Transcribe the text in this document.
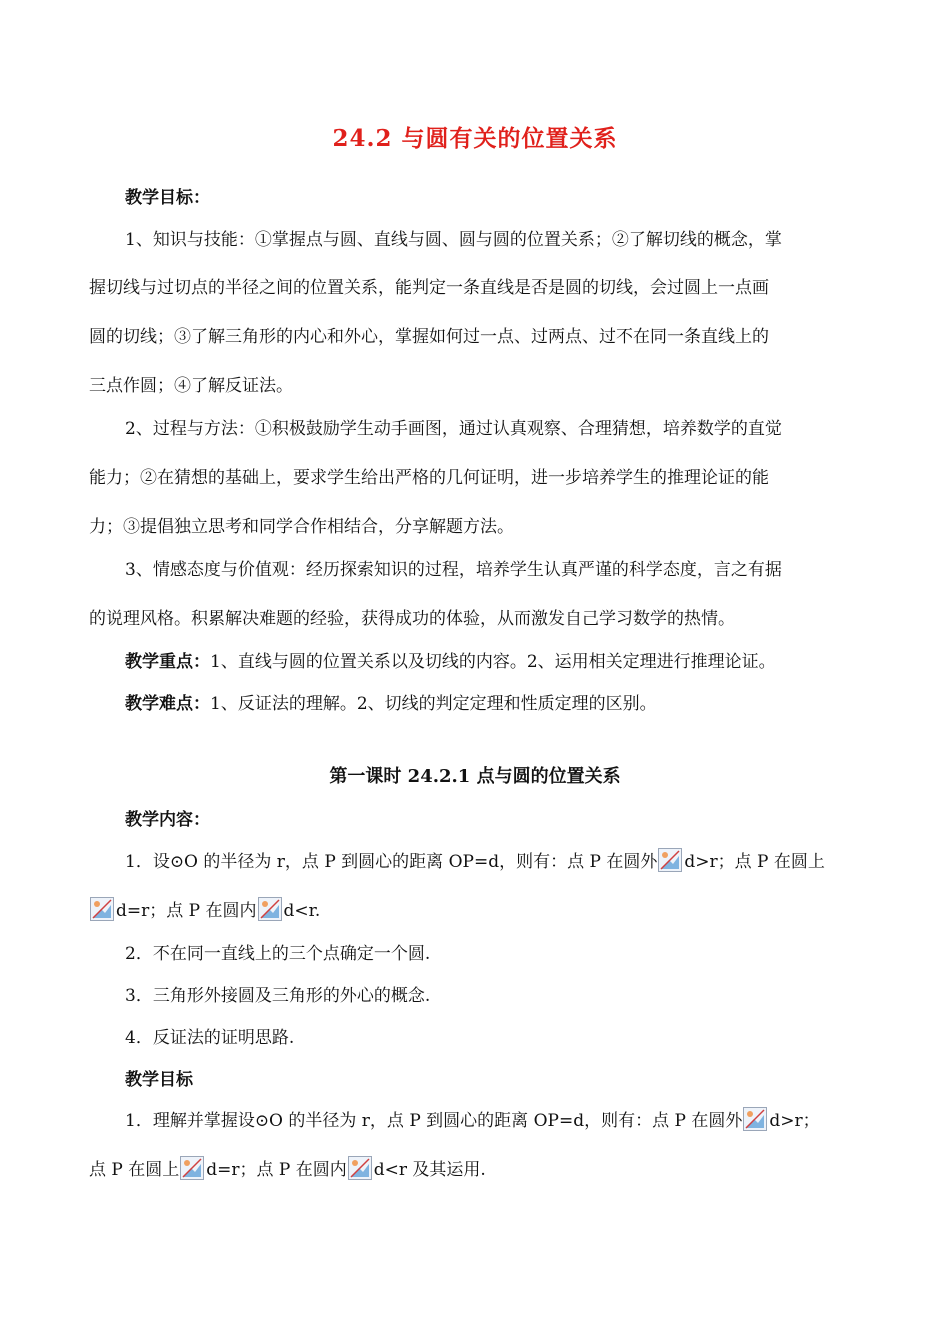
24.2 与圆有关的位置关系
教学目标：
1、知识与技能：①掌握点与圆、直线与圆、圆与圆的位置关系；②了解切线的概念，掌
握切线与过切点的半径之间的位置关系，能判定一条直线是否是圆的切线，会过圆上一点画
圆的切线；③了解三角形的内心和外心，掌握如何过一点、过两点、过不在同一条直线上的
三点作圆；④了解反证法。
2、过程与方法：①积极鼓励学生动手画图，通过认真观察、合理猜想，培养数学的直觉
能力；②在猜想的基础上，要求学生给出严格的几何证明，进一步培养学生的推理论证的能
力；③提倡独立思考和同学合作相结合，分享解题方法。
3、情感态度与价值观：经历探索知识的过程，培养学生认真严谨的科学态度，言之有据
的说理风格。积累解决难题的经验，获得成功的体验，从而激发自己学习数学的热情。
教学重点：1、直线与圆的位置关系以及切线的内容。2、运用相关定理进行推理论证。
教学难点：1、反证法的理解。2、切线的判定定理和性质定理的区别。
第一课时 24.2.1 点与圆的位置关系
教学内容：
1．设⊙O 的半径为 r，点 P 到圆心的距离 OP=d，则有：点 P 在圆外 d>r；点 P 在圆上
d=r；点 P 在圆内 d<r.
2．不在同一直线上的三个点确定一个圆.
3．三角形外接圆及三角形的外心的概念.
4．反证法的证明思路.
教学目标
1．理解并掌握设⊙O 的半径为 r，点 P 到圆心的距离 OP=d，则有：点 P 在圆外 d>r；
点 P 在圆上 d=r；点 P 在圆内 d<r 及其运用.
